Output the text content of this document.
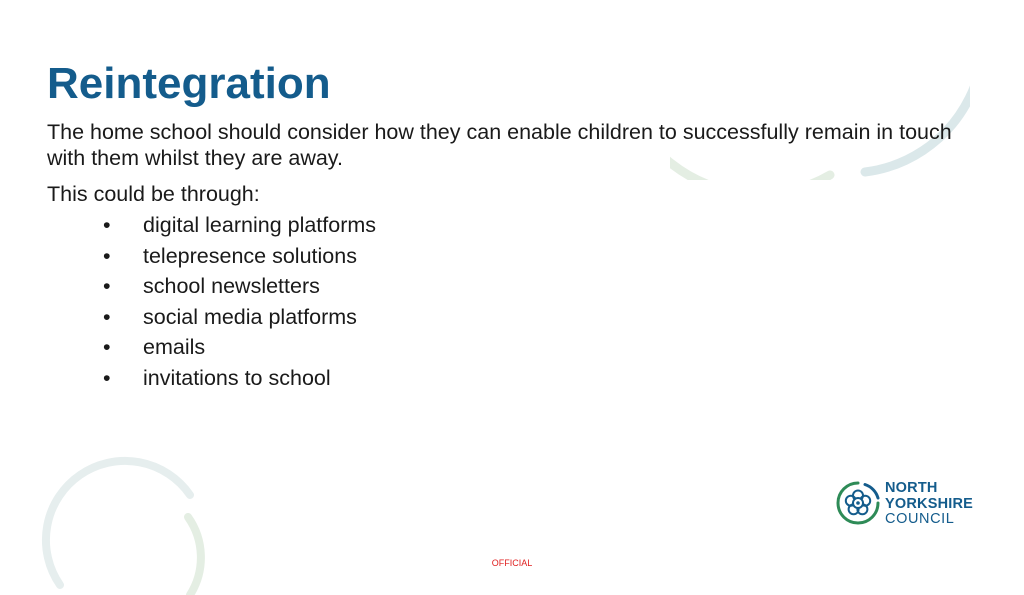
Reintegration

The home school should consider how they can enable children to successfully remain in touch with them whilst they are away.

This could be through:

• digital learning platforms
• telepresence solutions
• school newsletters
• social media platforms
• emails
• invitations to school
NORTH
YORKSHIRE
COUNCIL
OFFICIAL
